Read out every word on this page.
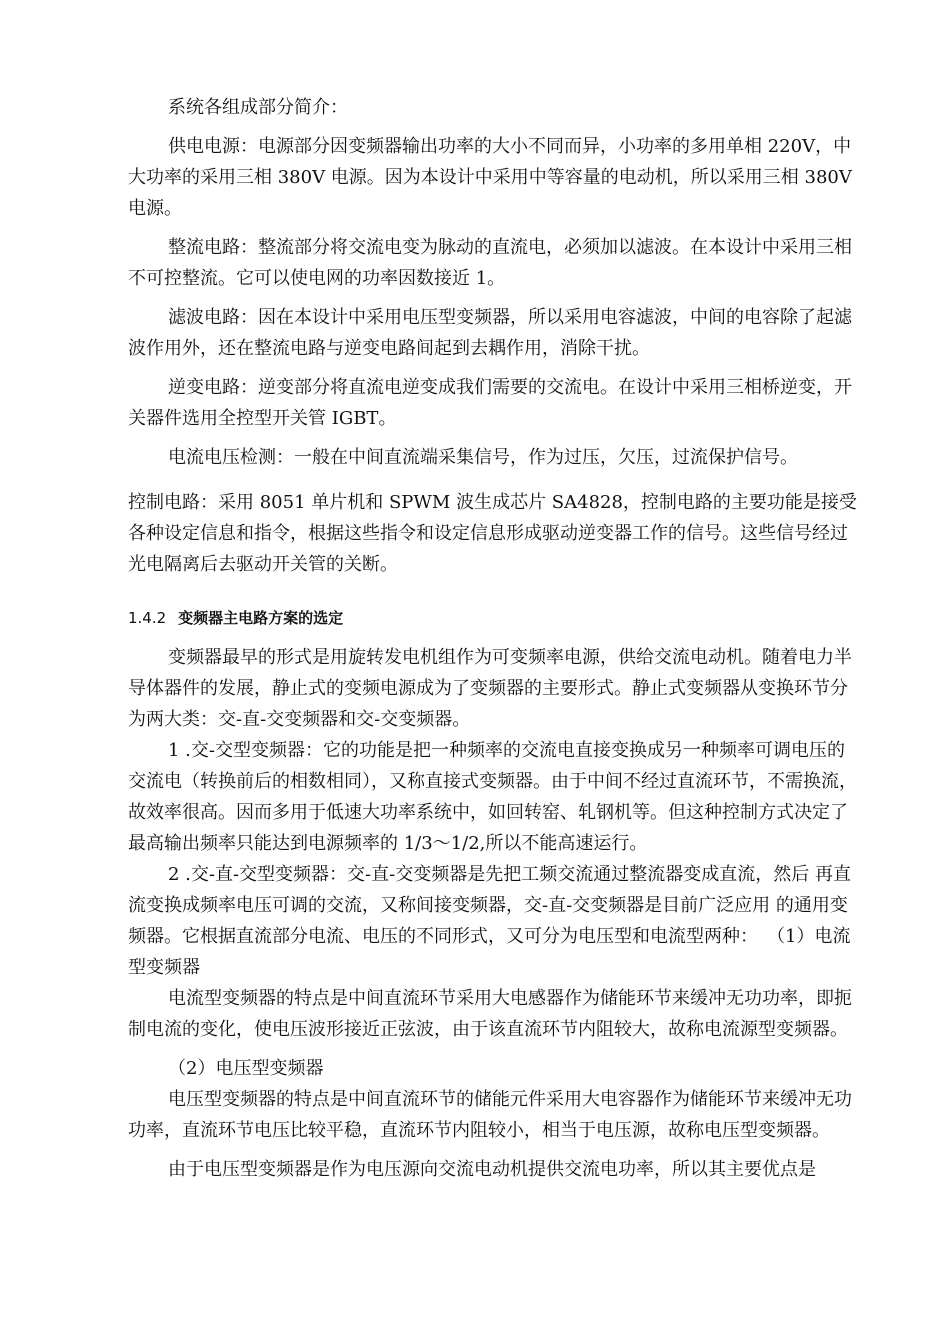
系统各组成部分简介：

供电电源：电源部分因变频器输出功率的大小不同而异，小功率的多用单相 220V，中大功率的采用三相 380V 电源。因为本设计中采用中等容量的电动机，所以采用三相 380V 电源。

整流电路：整流部分将交流电变为脉动的直流电，必须加以滤波。在本设计中采用三相不可控整流。它可以使电网的功率因数接近 1。

滤波电路：因在本设计中采用电压型变频器，所以采用电容滤波，中间的电容除了起滤波作用外，还在整流电路与逆变电路间起到去耦作用，消除干扰。

逆变电路：逆变部分将直流电逆变成我们需要的交流电。在设计中采用三相桥逆变，开关器件选用全控型开关管 IGBT。

电流电压检测：一般在中间直流端采集信号，作为过压，欠压，过流保护信号。

控制电路：采用 8051 单片机和 SPWM 波生成芯片 SA4828，控制电路的主要功能是接受各种设定信息和指令，根据这些指令和设定信息形成驱动逆变器工作的信号。这些信号经过光电隔离后去驱动开关管的关断。

1.4.2 变频器主电路方案的选定

变频器最早的形式是用旋转发电机组作为可变频率电源，供给交流电动机。随着电力半导体器件的发展，静止式的变频电源成为了变频器的主要形式。静止式变频器从变换环节分为两大类：交-直-交变频器和交-交变频器。

1 .交-交型变频器：它的功能是把一种频率的交流电直接变换成另一种频率可调电压的交流电（转换前后的相数相同），又称直接式变频器。由于中间不经过直流环节，不需换流，故效率很高。因而多用于低速大功率系统中，如回转窑、轧钢机等。但这种控制方式决定了最高输出频率只能达到电源频率的 1/3～1/2,所以不能高速运行。

2 .交-直-交型变频器：交-直-交变频器是先把工频交流通过整流器变成直流，然后 再直流变换成频率电压可调的交流，又称间接变频器，交-直-交变频器是目前广泛应用 的通用变频器。它根据直流部分电流、电压的不同形式，又可分为电压型和电流型两种： （1）电流型变频器

电流型变频器的特点是中间直流环节采用大电感器作为储能环节来缓冲无功功率，即扼制电流的变化，使电压波形接近正弦波，由于该直流环节内阻较大，故称电流源型变频器。

（2）电压型变频器

电压型变频器的特点是中间直流环节的储能元件采用大电容器作为储能环节来缓冲无功功率，直流环节电压比较平稳，直流环节内阻较小，相当于电压源，故称电压型变频器。

由于电压型变频器是作为电压源向交流电动机提供交流电功率，所以其主要优点是
